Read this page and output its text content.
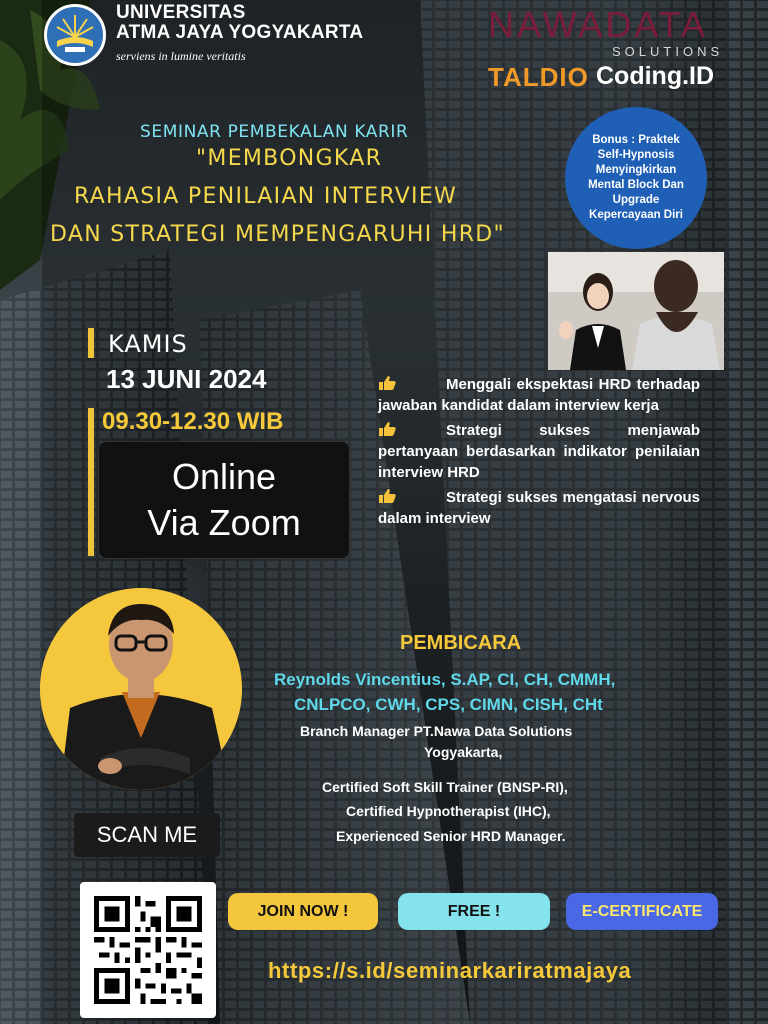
UNIVERSITAS
ATMA JAYA YOGYAKARTA
serviens in lumine veritatis
NAWADATA
SOLUTIONS
TALDIO Coding.ID
SEMINAR PEMBEKALAN KARIR
"MEMBONGKAR
RAHASIA PENILAIAN INTERVIEW
DAN STRATEGI MEMPENGARUHI HRD"
Bonus : Praktek Self-Hypnosis Menyingkirkan Mental Block Dan Upgrade Kepercayaan Diri
KAMIS
13 JUNI 2024
09.30-12.30 WIB
Online
Via Zoom
Menggali ekspektasi HRD terhadap jawaban kandidat dalam interview kerja
Strategi sukses menjawab pertanyaan berdasarkan indikator penilaian interview HRD
Strategi sukses mengatasi nervous dalam interview
SCAN ME
PEMBICARA
Reynolds Vincentius, S.AP, CI, CH, CMMH,
CNLPCO, CWH, CPS, CIMN, CISH, CHt
Branch Manager PT.Nawa Data Solutions
Yogyakarta,
Certified Soft Skill Trainer (BNSP-RI),
Certified Hypnotherapist (IHC),
Experienced Senior HRD Manager.
JOIN NOW !	FREE !	E-CERTIFICATE
https://s.id/seminarkariratmajaya
